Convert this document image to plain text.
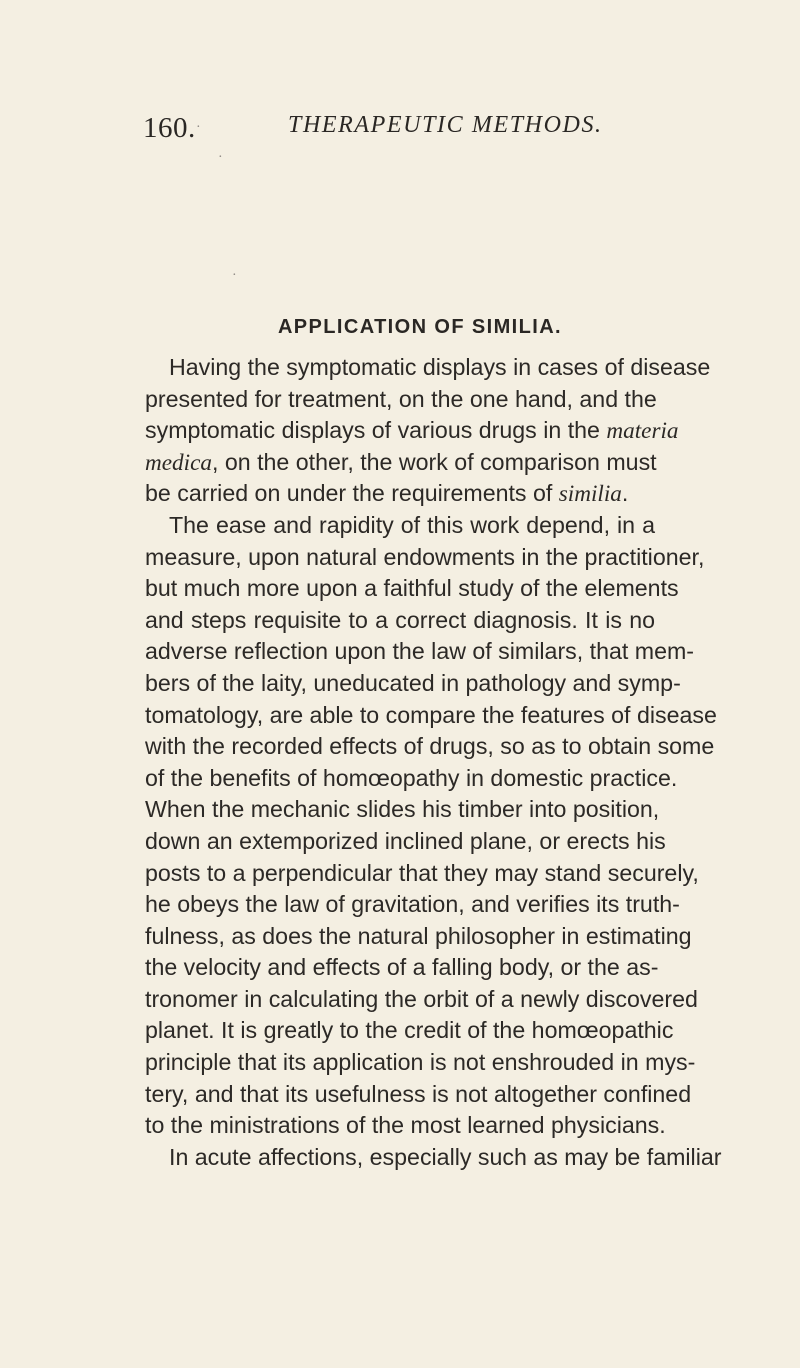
160.	THERAPEUTIC METHODS.
·
·
·
APPLICATION OF SIMILIA.
Having the symptomatic displays in cases of disease
presented for treatment, on the one hand, and the
symptomatic displays of various drugs in the materia
medica, on the other, the work of comparison must
be carried on under the requirements of similia.
The ease and rapidity of this work depend, in a
measure, upon natural endowments in the practitioner,
but much more upon a faithful study of the elements
and steps requisite to a correct diagnosis. It is no
adverse reflection upon the law of similars, that mem-
bers of the laity, uneducated in pathology and symp-
tomatology, are able to compare the features of disease
with the recorded effects of drugs, so as to obtain some
of the benefits of homœopathy in domestic practice.
When the mechanic slides his timber into position,
down an extemporized inclined plane, or erects his
posts to a perpendicular that they may stand securely,
he obeys the law of gravitation, and verifies its truth-
fulness, as does the natural philosopher in estimating
the velocity and effects of a falling body, or the as-
tronomer in calculating the orbit of a newly discovered
planet. It is greatly to the credit of the homœopathic
principle that its application is not enshrouded in mys-
tery, and that its usefulness is not altogether confined
to the ministrations of the most learned physicians.
In acute affections, especially such as may be familiar
